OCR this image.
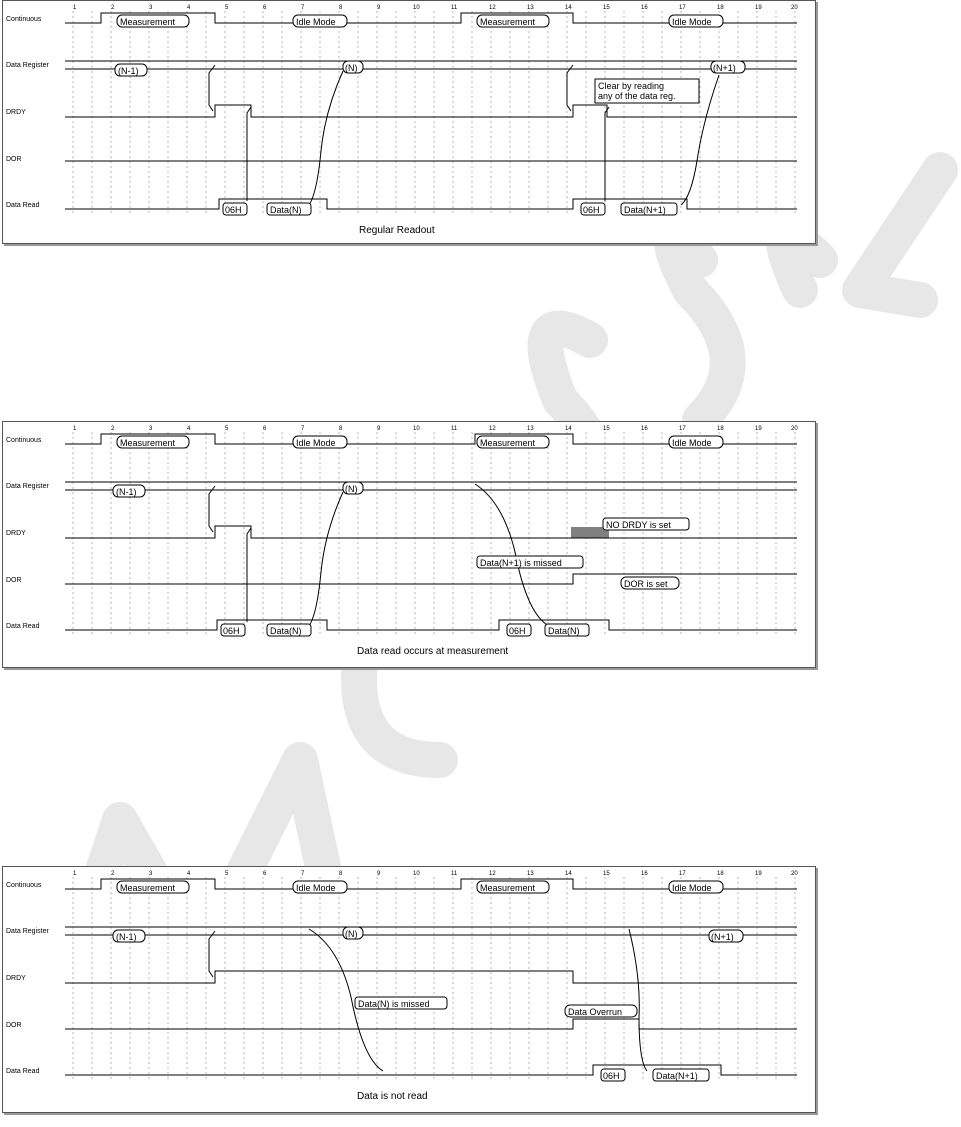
1	2	3	4	5	6	7	8	9	10	11	12	13	14	15	16	17	18	19	20
Continuous
Data Register
DRDY
DOR
Data Read
Measurement	Idle Mode	Measurement	Idle Mode
(N-1)	(N)	(N+1)
Clear by reading
any of the data reg.
06H	Data(N)	06H	Data(N+1)
Regular Readout
1	2	3	4	5	6	7	8	9	10	11	12	13	14	15	16	17	18	19	20
Continuous
Data Register
DRDY
DOR
Data Read
Measurement	Idle Mode	Measurement	Idle Mode
(N-1)	(N)
NO DRDY is set
Data(N+1) is missed
DOR is set
06H	Data(N)	06H Data(N)
Data read occurs at measurement
1	2	3	4	5	6	7	8	9	10	11	12	13	14	15	16	17	18	19	20
Continuous
Data Register
DRDY
DOR
Data Read
Measurement	Idle Mode	Measurement	Idle Mode
(N-1)	(N)	(N+1)
Data(N) is missed
Data Overrun
06H	Data(N+1)
Data is not read
